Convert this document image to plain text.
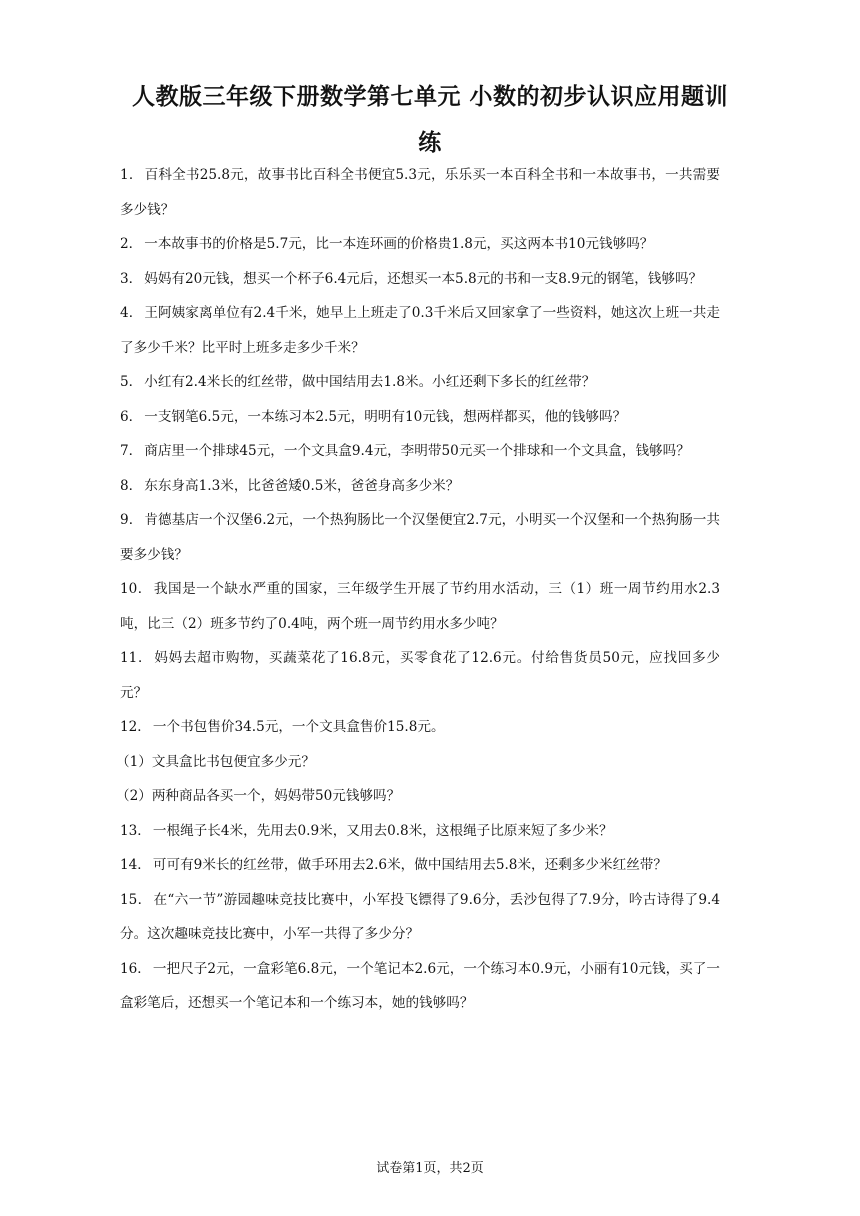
人教版三年级下册数学第七单元 小数的初步认识应用题训练

1． 百科全书25.8元，故事书比百科全书便宜5.3元，乐乐买一本百科全书和一本故事书，一共需要多少钱？

2． 一本故事书的价格是5.7元，比一本连环画的价格贵1.8元，买这两本书10元钱够吗？

3． 妈妈有20元钱，想买一个杯子6.4元后，还想买一本5.8元的书和一支8.9元的钢笔，钱够吗？

4． 王阿姨家离单位有2.4千米，她早上上班走了0.3千米后又回家拿了一些资料，她这次上班一共走了多少千米？比平时上班多走多少千米？

5． 小红有2.4米长的红丝带，做中国结用去1.8米。小红还剩下多长的红丝带？

6． 一支钢笔6.5元，一本练习本2.5元，明明有10元钱，想两样都买，他的钱够吗？

7． 商店里一个排球45元，一个文具盒9.4元，李明带50元买一个排球和一个文具盒，钱够吗？

8． 东东身高1.3米，比爸爸矮0.5米，爸爸身高多少米？

9． 肯德基店一个汉堡6.2元，一个热狗肠比一个汉堡便宜2.7元，小明买一个汉堡和一个热狗肠一共要多少钱？

10． 我国是一个缺水严重的国家，三年级学生开展了节约用水活动，三（1）班一周节约用水2.3吨，比三（2）班多节约了0.4吨，两个班一周节约用水多少吨？

11． 妈妈去超市购物，买蔬菜花了16.8元，买零食花了12.6元。付给售货员50元，应找回多少元？

12． 一个书包售价34.5元，一个文具盒售价15.8元。

（1）文具盒比书包便宜多少元？

（2）两种商品各买一个，妈妈带50元钱够吗？

13． 一根绳子长4米，先用去0.9米，又用去0.8米，这根绳子比原来短了多少米？

14． 可可有9米长的红丝带，做手环用去2.6米，做中国结用去5.8米，还剩多少米红丝带？

15． 在“六一节”游园趣味竞技比赛中，小军投飞镖得了9.6分，丢沙包得了7.9分，吟古诗得了9.4分。这次趣味竞技比赛中，小军一共得了多少分？

16． 一把尺子2元，一盒彩笔6.8元，一个笔记本2.6元，一个练习本0.9元，小丽有10元钱，买了一盒彩笔后，还想买一个笔记本和一个练习本，她的钱够吗？

试卷第1页，共2页
